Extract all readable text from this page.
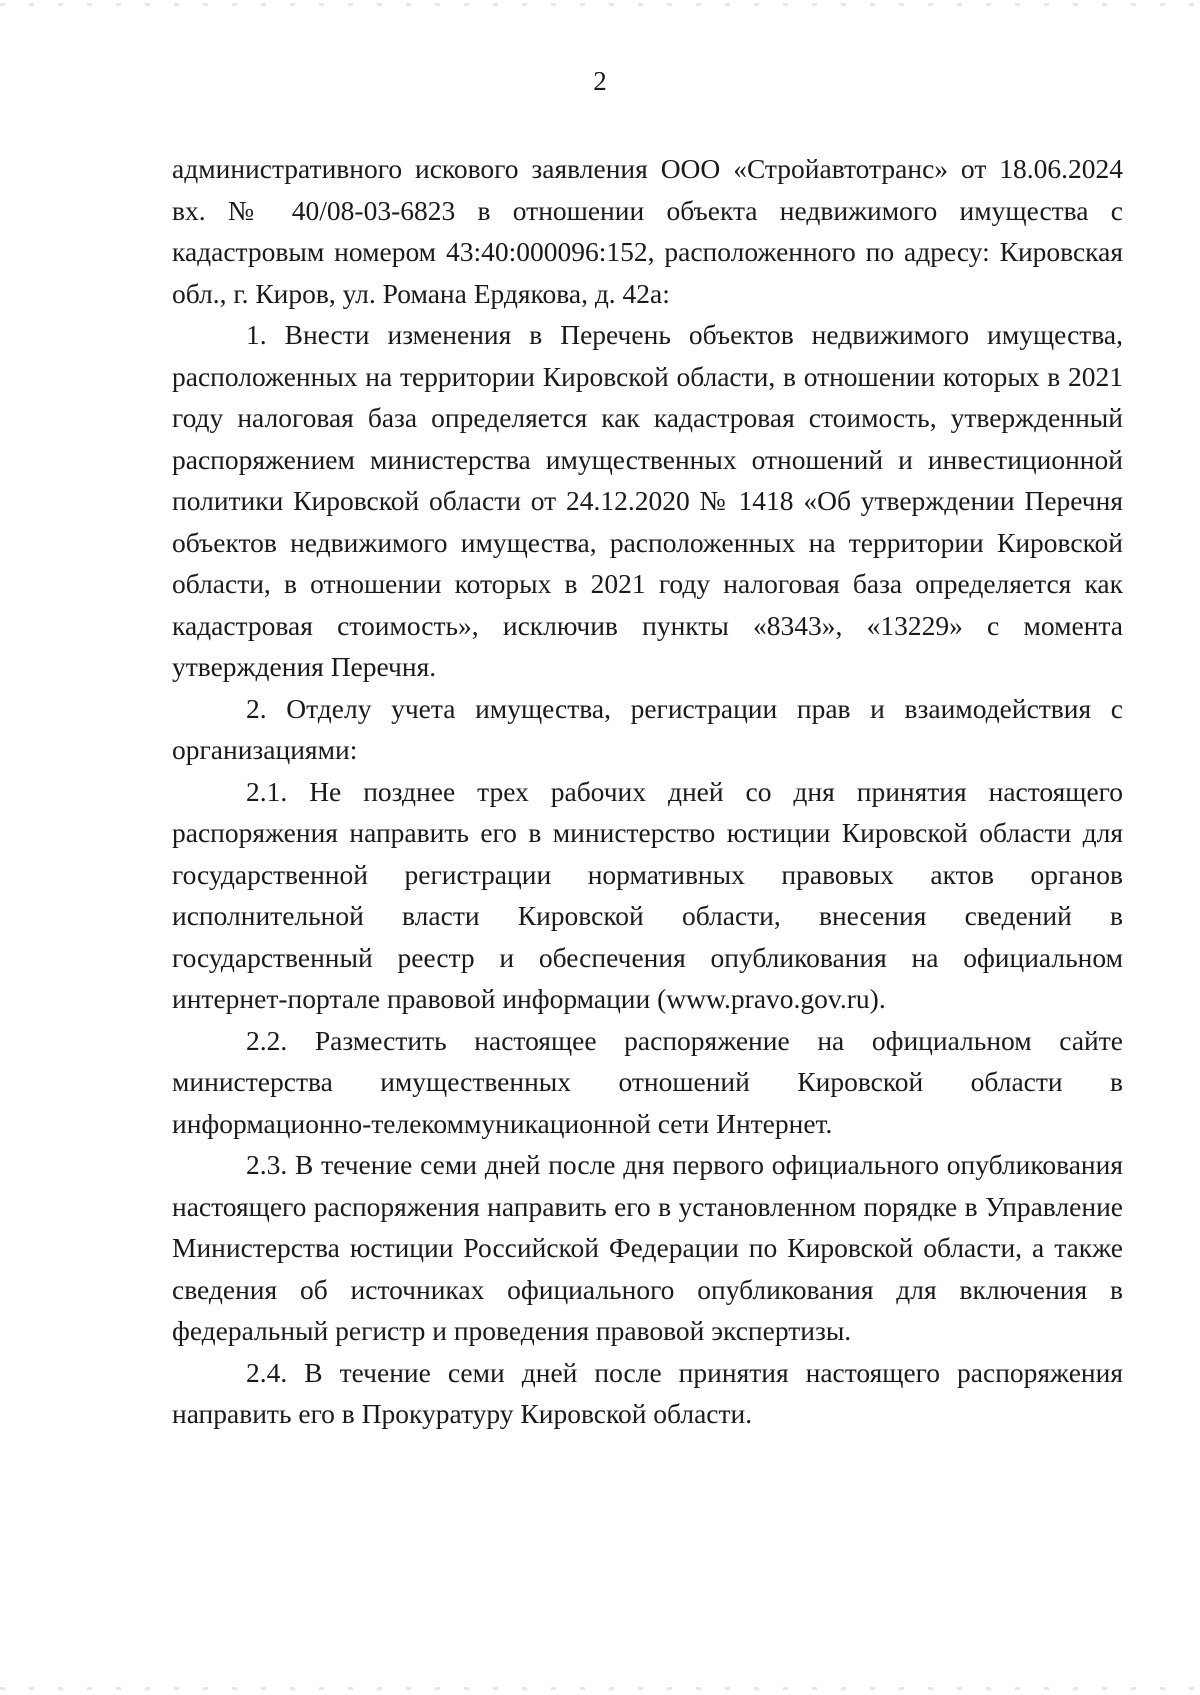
2

административного искового заявления ООО «Стройавтотранс» от 18.06.2024 вх. № 40/08-03-6823 в отношении объекта недвижимого имущества с кадастровым номером 43:40:000096:152, расположенного по адресу: Кировская обл., г. Киров, ул. Романа Ердякова, д. 42а:

1. Внести изменения в Перечень объектов недвижимого имущества, расположенных на территории Кировской области, в отношении которых в 2021 году налоговая база определяется как кадастровая стоимость, утвержденный распоряжением министерства имущественных отношений и инвестиционной политики Кировской области от 24.12.2020 № 1418 «Об утверждении Перечня объектов недвижимого имущества, расположенных на территории Кировской области, в отношении которых в 2021 году налоговая база определяется как кадастровая стоимость», исключив пункты «8343», «13229» с момента утверждения Перечня.

2. Отделу учета имущества, регистрации прав и взаимодействия с организациями:

2.1. Не позднее трех рабочих дней со дня принятия настоящего распоряжения направить его в министерство юстиции Кировской области для государственной регистрации нормативных правовых актов органов исполнительной власти Кировской области, внесения сведений в государственный реестр и обеспечения опубликования на официальном интернет-портале правовой информации (www.pravo.gov.ru).

2.2. Разместить настоящее распоряжение на официальном сайте министерства имущественных отношений Кировской области в информационно-телекоммуникационной сети Интернет.

2.3. В течение семи дней после дня первого официального опубликования настоящего распоряжения направить его в установленном порядке в Управление Министерства юстиции Российской Федерации по Кировской области, а также сведения об источниках официального опубликования для включения в федеральный регистр и проведения правовой экспертизы.

2.4. В течение семи дней после принятия настоящего распоряжения направить его в Прокуратуру Кировской области.
